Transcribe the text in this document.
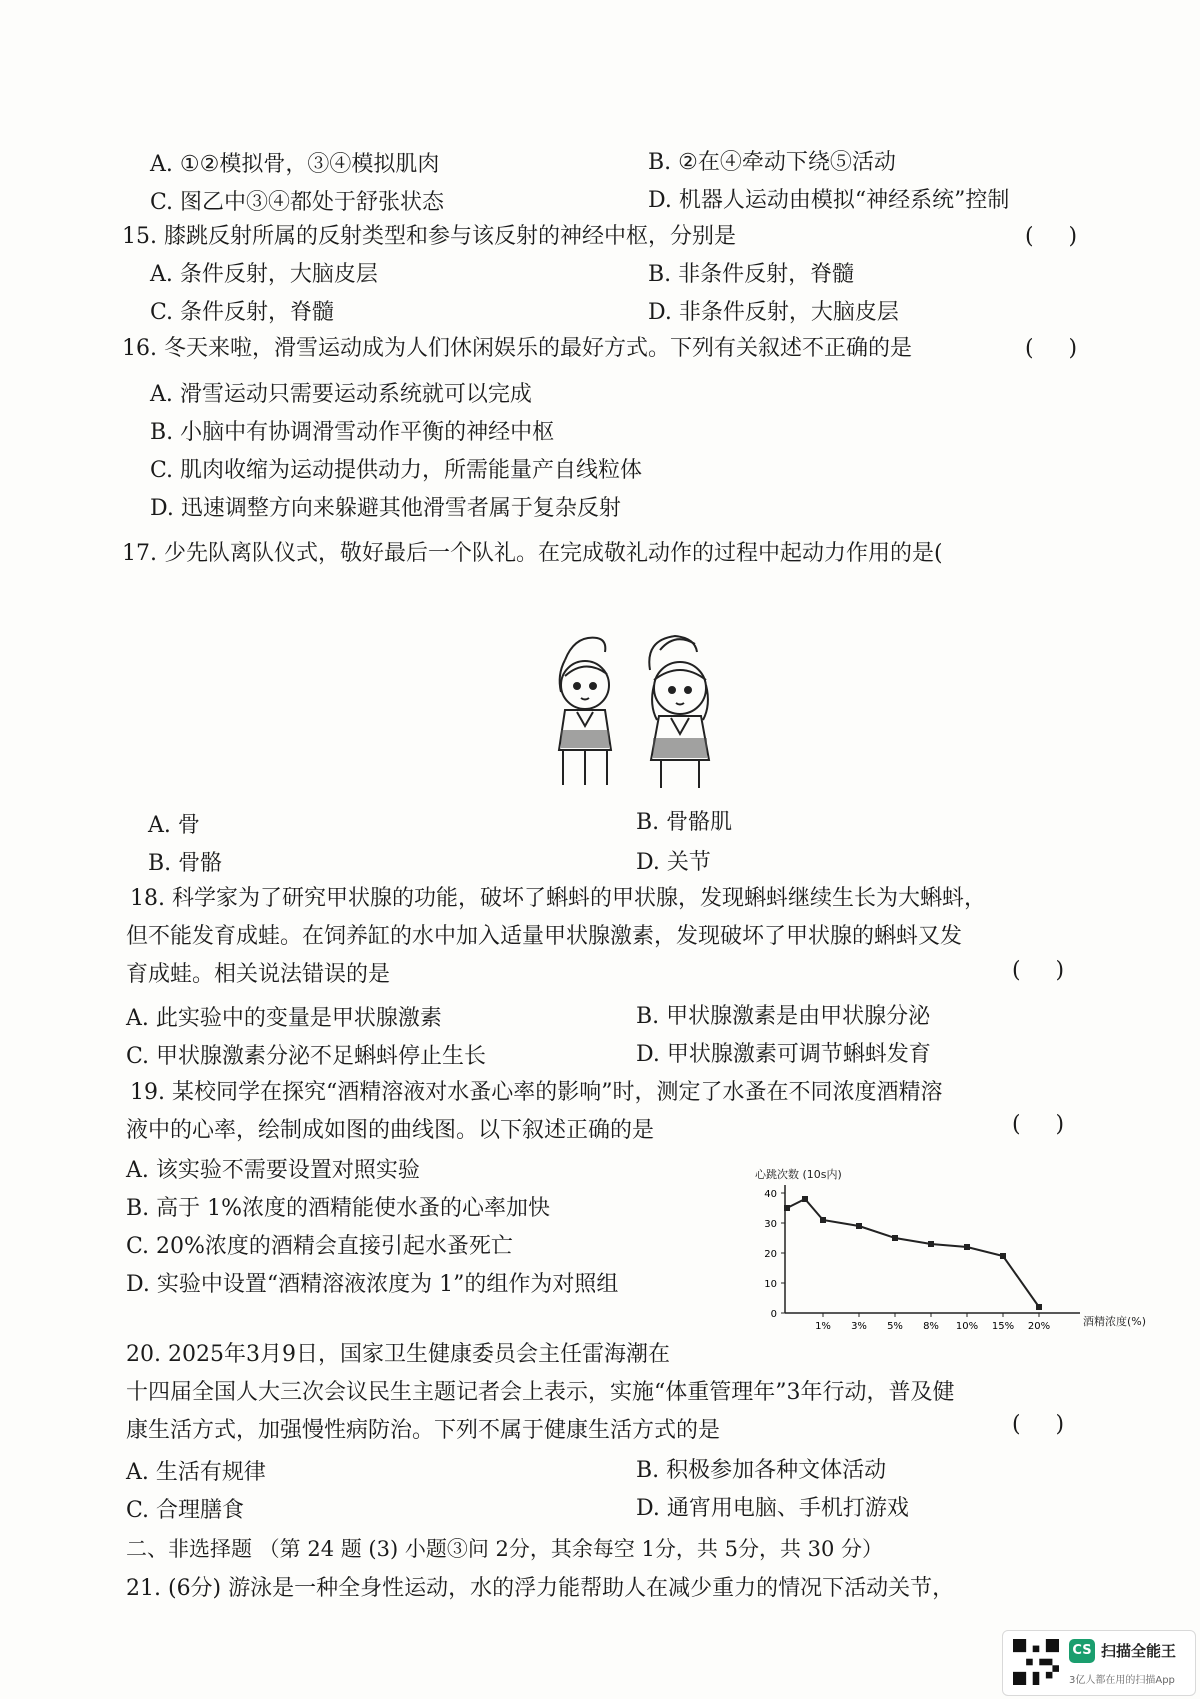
A. ①②模拟骨，③④模拟肌肉	B. ②在④牵动下绕⑤活动
C. 图乙中③④都处于舒张状态	D. 机器人运动由模拟“神经系统”控制
15. 膝跳反射所属的反射类型和参与该反射的神经中枢，分别是	(     )
A. 条件反射，大脑皮层	B. 非条件反射，脊髓
C. 条件反射，脊髓	D. 非条件反射，大脑皮层
16. 冬天来啦，滑雪运动成为人们休闲娱乐的最好方式。下列有关叙述不正确的是	(     )
A. 滑雪运动只需要运动系统就可以完成
B. 小脑中有协调滑雪动作平衡的神经中枢
C. 肌肉收缩为运动提供动力，所需能量产自线粒体
D. 迅速调整方向来躲避其他滑雪者属于复杂反射
17. 少先队离队仪式，敬好最后一个队礼。在完成敬礼动作的过程中起动力作用的是(
A. 骨	B. 骨骼肌
B. 骨骼	D. 关节
18. 科学家为了研究甲状腺的功能，破坏了蝌蚪的甲状腺，发现蝌蚪继续生长为大蝌蚪，
但不能发育成蛙。在饲养缸的水中加入适量甲状腺激素，发现破坏了甲状腺的蝌蚪又发
育成蛙。相关说法错误的是	(     )
A. 此实验中的变量是甲状腺激素	B. 甲状腺激素是由甲状腺分泌
C. 甲状腺激素分泌不足蝌蚪停止生长	D. 甲状腺激素可调节蝌蚪发育
19. 某校同学在探究“酒精溶液对水蚤心率的影响”时，测定了水蚤在不同浓度酒精溶
液中的心率，绘制成如图的曲线图。以下叙述正确的是	(     )
A. 该实验不需要设置对照实验
B. 高于 1%浓度的酒精能使水蚤的心率加快
C. 20%浓度的酒精会直接引起水蚤死亡
D. 实验中设置“酒精溶液浓度为 1”的组作为对照组
心跳次数 (10s内)
酒精浓度(%)
0
10
20
30
40
1% 3% 5% 8% 10% 15% 20%
20. 2025年3月9日，国家卫生健康委员会主任雷海潮在
十四届全国人大三次会议民生主题记者会上表示，实施“体重管理年”3年行动，普及健
康生活方式，加强慢性病防治。下列不属于健康生活方式的是	(     )
A. 生活有规律	B. 积极参加各种文体活动
C. 合理膳食	D. 通宵用电脑、手机打游戏
二、非选择题 （第 24 题 (3) 小题③问 2分，其余每空 1分，共 5分，共 30 分）
21. (6分) 游泳是一种全身性运动，水的浮力能帮助人在减少重力的情况下活动关节，
CS 扫描全能王
3亿人都在用的扫描App
